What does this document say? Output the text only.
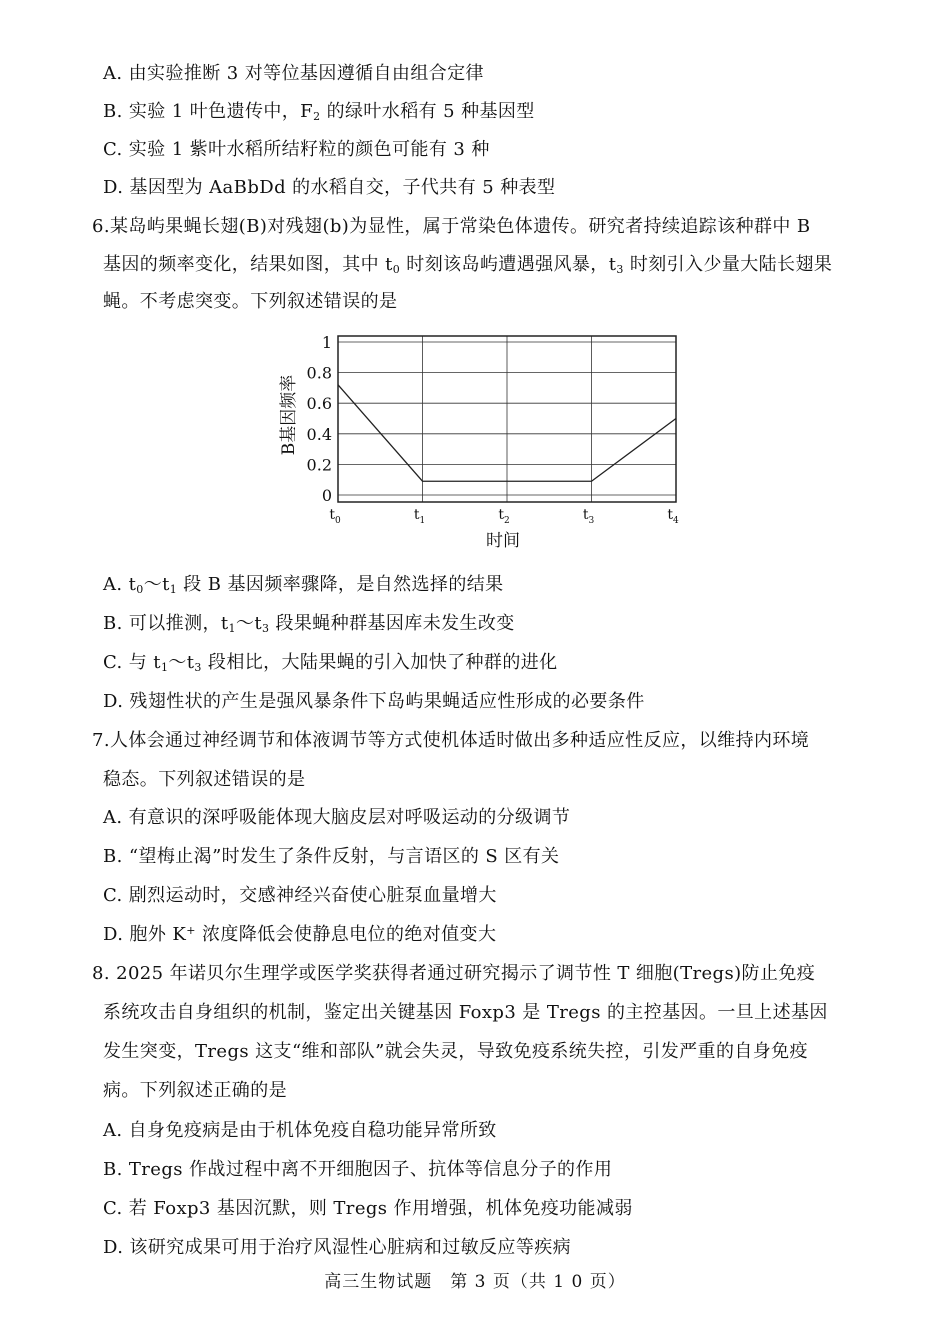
A. 由实验推断 3 对等位基因遵循自由组合定律
B. 实验 1 叶色遗传中，$F_2$ 的绿叶水稻有 5 种基因型
C. 实验 1 紫叶水稻所结籽粒的颜色可能有 3 种
D. 基因型为 AaBbDd 的水稻自交，子代共有 5 种表型
6.某岛屿果蝇长翅(B)对残翅(b)为显性，属于常染色体遗传。研究者持续追踪该种群中 B
基因的频率变化，结果如图，其中 $t_0$ 时刻该岛屿遭遇强风暴，$t_3$ 时刻引入少量大陆长翅果
蝇。不考虑突变。下列叙述错误的是
0
0.2
0.4
0.6
0.8
1
$t_0$	$t_1$	$t_2$	$t_3$	$t_4$
B基因频率
时间
A. $t_0\sim t_1$ 段 B 基因频率骤降，是自然选择的结果
B. 可以推测，$t_1\sim t_3$ 段果蝇种群基因库未发生改变
C. 与 $t_1\sim t_3$ 段相比，大陆果蝇的引入加快了种群的进化
D. 残翅性状的产生是强风暴条件下岛屿果蝇适应性形成的必要条件
7.人体会通过神经调节和体液调节等方式使机体适时做出多种适应性反应，以维持内环境
稳态。下列叙述错误的是
A. 有意识的深呼吸能体现大脑皮层对呼吸运动的分级调节
B. “望梅止渴”时发生了条件反射，与言语区的 S 区有关
C. 剧烈运动时，交感神经兴奋使心脏泵血量增大
D. 胞外 K+ 浓度降低会使静息电位的绝对值变大
8. 2025 年诺贝尔生理学或医学奖获得者通过研究揭示了调节性 T 细胞(Tregs)防止免疫
系统攻击自身组织的机制，鉴定出关键基因 Foxp3 是 Tregs 的主控基因。一旦上述基因
发生突变，Tregs 这支“维和部队”就会失灵，导致免疫系统失控，引发严重的自身免疫
病。下列叙述正确的是
A. 自身免疫病是由于机体免疫自稳功能异常所致
B. Tregs 作战过程中离不开细胞因子、抗体等信息分子的作用
C. 若 Foxp3 基因沉默，则 Tregs 作用增强，机体免疫功能减弱
D. 该研究成果可用于治疗风湿性心脏病和过敏反应等疾病
高三生物试题　第 3 页（共 1 0 页）
